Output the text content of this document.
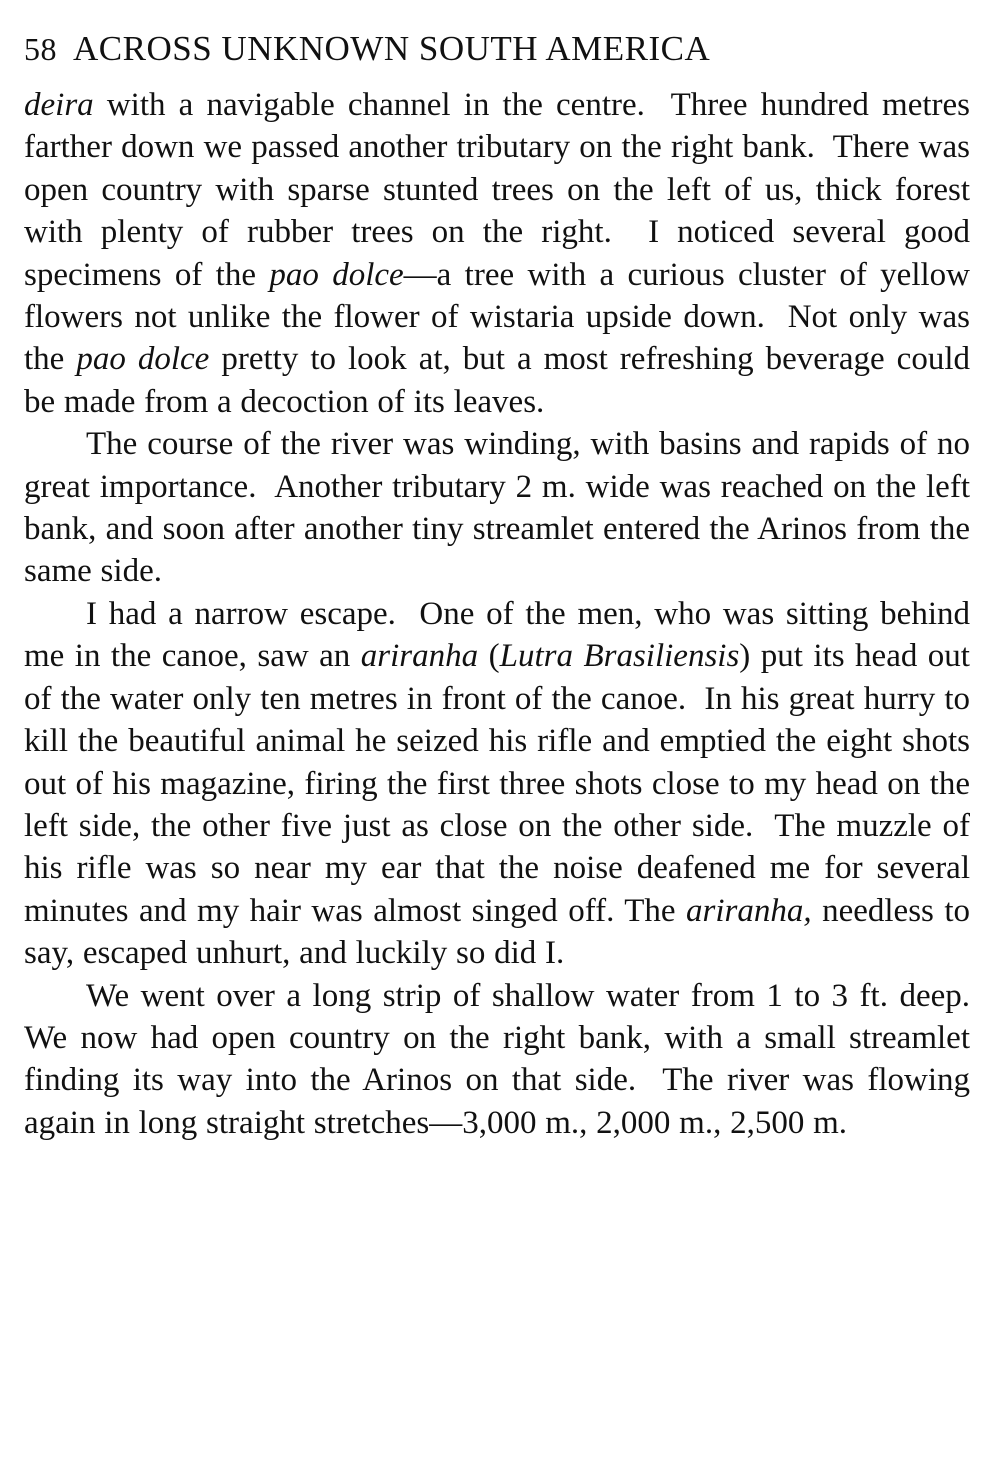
58 ACROSS UNKNOWN SOUTH AMERICA

deira with a navigable channel in the centre.  Three hundred metres farther down we passed another tributary on the right bank.  There was open country with sparse stunted trees on the left of us, thick forest with plenty of rubber trees on the right.  I noticed several good specimens of the pao dolce—a tree with a curious cluster of yellow flowers not unlike the flower of wistaria upside down.  Not only was the pao dolce pretty to look at, but a most refreshing beverage could be made from a decoction of its leaves.

The course of the river was winding, with basins and rapids of no great importance.  Another tributary 2 m. wide was reached on the left bank, and soon after another tiny streamlet entered the Arinos from the same side.

I had a narrow escape.  One of the men, who was sitting behind me in the canoe, saw an ariranha (Lutra Brasiliensis) put its head out of the water only ten metres in front of the canoe.  In his great hurry to kill the beautiful animal he seized his rifle and emptied the eight shots out of his magazine, firing the first three shots close to my head on the left side, the other five just as close on the other side.  The muzzle of his rifle was so near my ear that the noise deafened me for several minutes and my hair was almost singed off. The ariranha, needless to say, escaped unhurt, and luckily so did I.

We went over a long strip of shallow water from 1 to 3 ft. deep.  We now had open country on the right bank, with a small streamlet finding its way into the Arinos on that side.  The river was flowing again in long straight stretches—3,000 m., 2,000 m., 2,500 m.
